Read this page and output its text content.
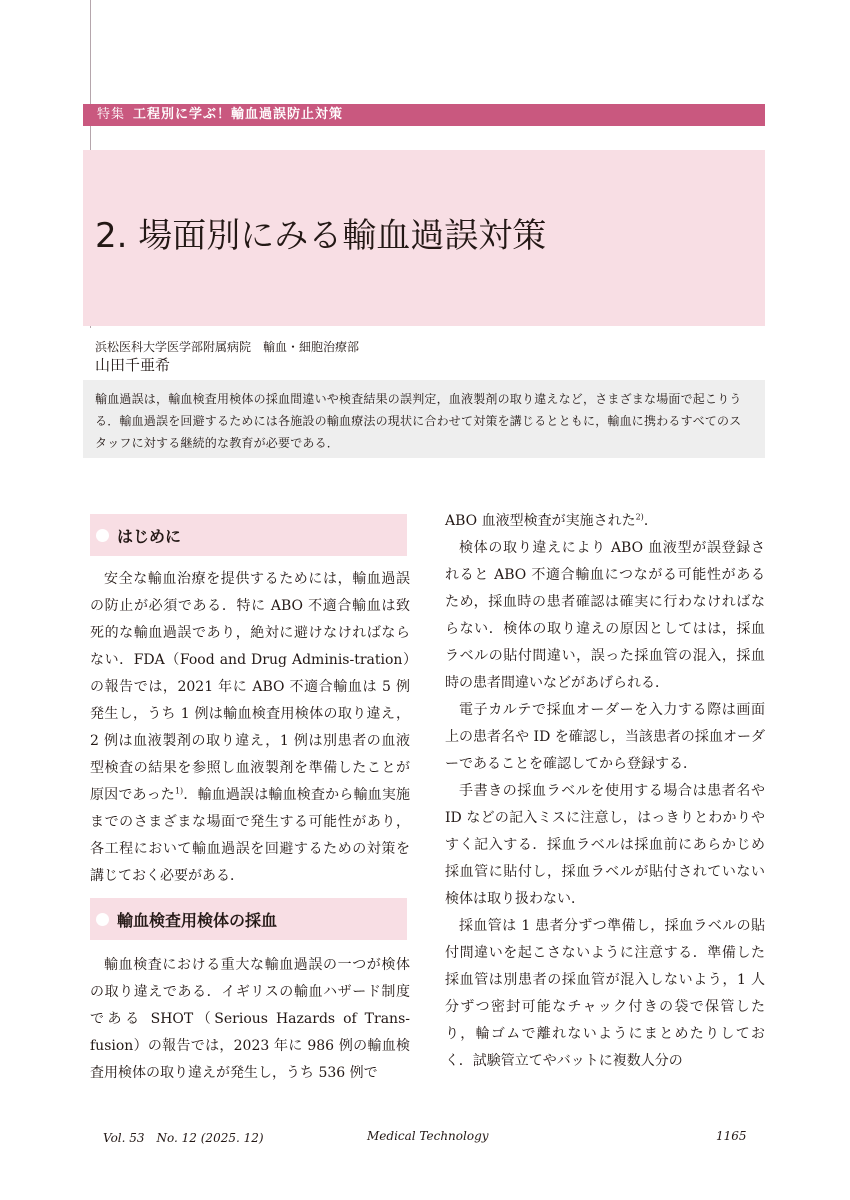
特集 工程別に学ぶ！輸血過誤防止対策
2. 場面別にみる輸血過誤対策
浜松医科大学医学部附属病院　輸血・細胞治療部
山田千亜希
輸血過誤は，輸血検査用検体の採血間違いや検査結果の誤判定，血液製剤の取り違えなど，さまざまな場面で起こりう
る．輸血過誤を回避するためには各施設の輸血療法の現状に合わせて対策を講じるとともに，輸血に携わるすべてのス
タッフに対する継続的な教育が必要である．
はじめに

安全な輸血治療を提供するためには，輸血過誤の防止が必須である．特に ABO 不適合輸血は致死的な輸血過誤であり，絶対に避けなければならない．FDA（Food and Drug Adminis-tration）の報告では，2021 年に ABO 不適合輸血は 5 例発生し，うち 1 例は輸血検査用検体の取り違え，2 例は血液製剤の取り違え，1 例は別患者の血液型検査の結果を参照し血液製剤を準備したことが原因であった$^{1)}$．輸血過誤は輸血検査から輸血実施までのさまざまな場面で発生する可能性があり，各工程において輸血過誤を回避するための対策を講じておく必要がある．

輸血検査における重大な輸血過誤の一つが検体の取り違えである．イギリスの輸血ハザード制度である SHOT（Serious Hazards of Trans-fusion）の報告では，2023 年に 986 例の輸血検査用検体の取り違えが発生し，うち 536 例で

輸血検査用検体の採血

ABO 血液型検査が実施された$^{2)}$．

検体の取り違えにより ABO 血液型が誤登録されると ABO 不適合輸血につながる可能性があるため，採血時の患者確認は確実に行わなければならない．検体の取り違えの原因としてはは，採血ラベルの貼付間違い，誤った採血管の混入，採血時の患者間違いなどがあげられる．

電子カルテで採血オーダーを入力する際は画面上の患者名や ID を確認し，当該患者の採血オーダーであることを確認してから登録する．

手書きの採血ラベルを使用する場合は患者名や ID などの記入ミスに注意し，はっきりとわかりやすく記入する．採血ラベルは採血前にあらかじめ採血管に貼付し，採血ラベルが貼付されていない検体は取り扱わない．

採血管は 1 患者分ずつ準備し，採血ラベルの貼付間違いを起こさないように注意する．準備した採血管は別患者の採血管が混入しないよう，1 人分ずつ密封可能なチャック付きの袋で保管したり，輪ゴムで離れないようにまとめたりしておく．試験管立てやバットに複数人分の

Vol. 53　No. 12 (2025. 12)	Medical Technology	1165
